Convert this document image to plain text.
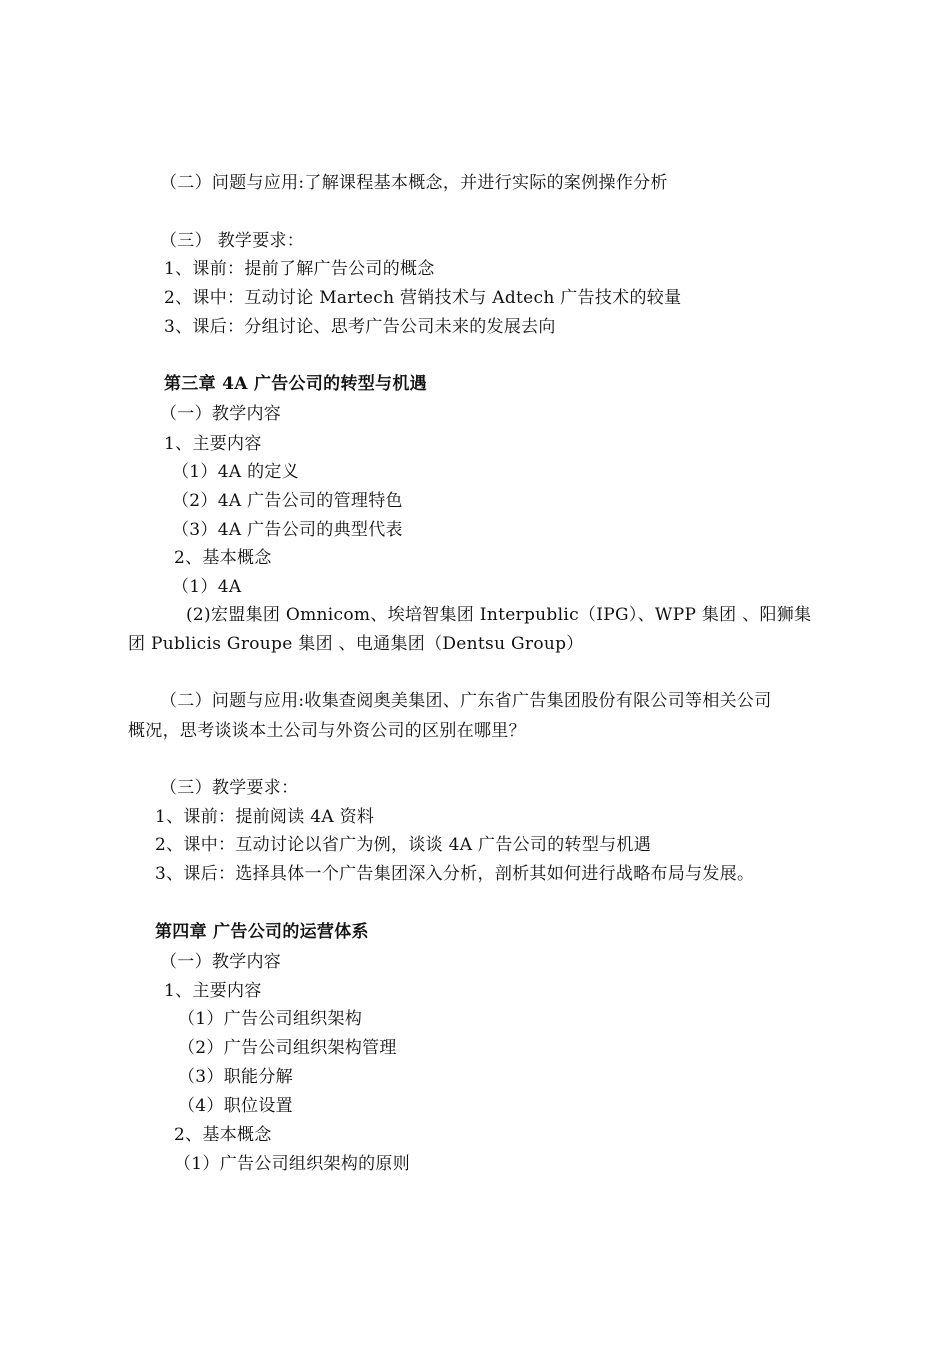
（二）问题与应用:了解课程基本概念，并进行实际的案例操作分析
（三） 教学要求：
1、课前：提前了解广告公司的概念
2、课中：互动讨论 Martech 营销技术与 Adtech 广告技术的较量
3、课后：分组讨论、思考广告公司未来的发展去向
第三章 4A 广告公司的转型与机遇
（一）教学内容
1、主要内容
（1）4A 的定义
（2）4A 广告公司的管理特色
（3）4A 广告公司的典型代表
2、基本概念
（1）4A
(2)宏盟集团 Omnicom、埃培智集团 Interpublic（IPG）、WPP 集团 、阳狮集
团 Publicis Groupe 集团 、电通集团（Dentsu Group）
（二）问题与应用:收集查阅奥美集团、广东省广告集团股份有限公司等相关公司
概况，思考谈谈本土公司与外资公司的区别在哪里？
（三）教学要求：
1、课前：提前阅读 4A 资料
2、课中：互动讨论以省广为例，谈谈 4A 广告公司的转型与机遇
3、课后：选择具体一个广告集团深入分析，剖析其如何进行战略布局与发展。
第四章 广告公司的运营体系
（一）教学内容
1、主要内容
（1）广告公司组织架构
（2）广告公司组织架构管理
（3）职能分解
（4）职位设置
2、基本概念
（1）广告公司组织架构的原则
